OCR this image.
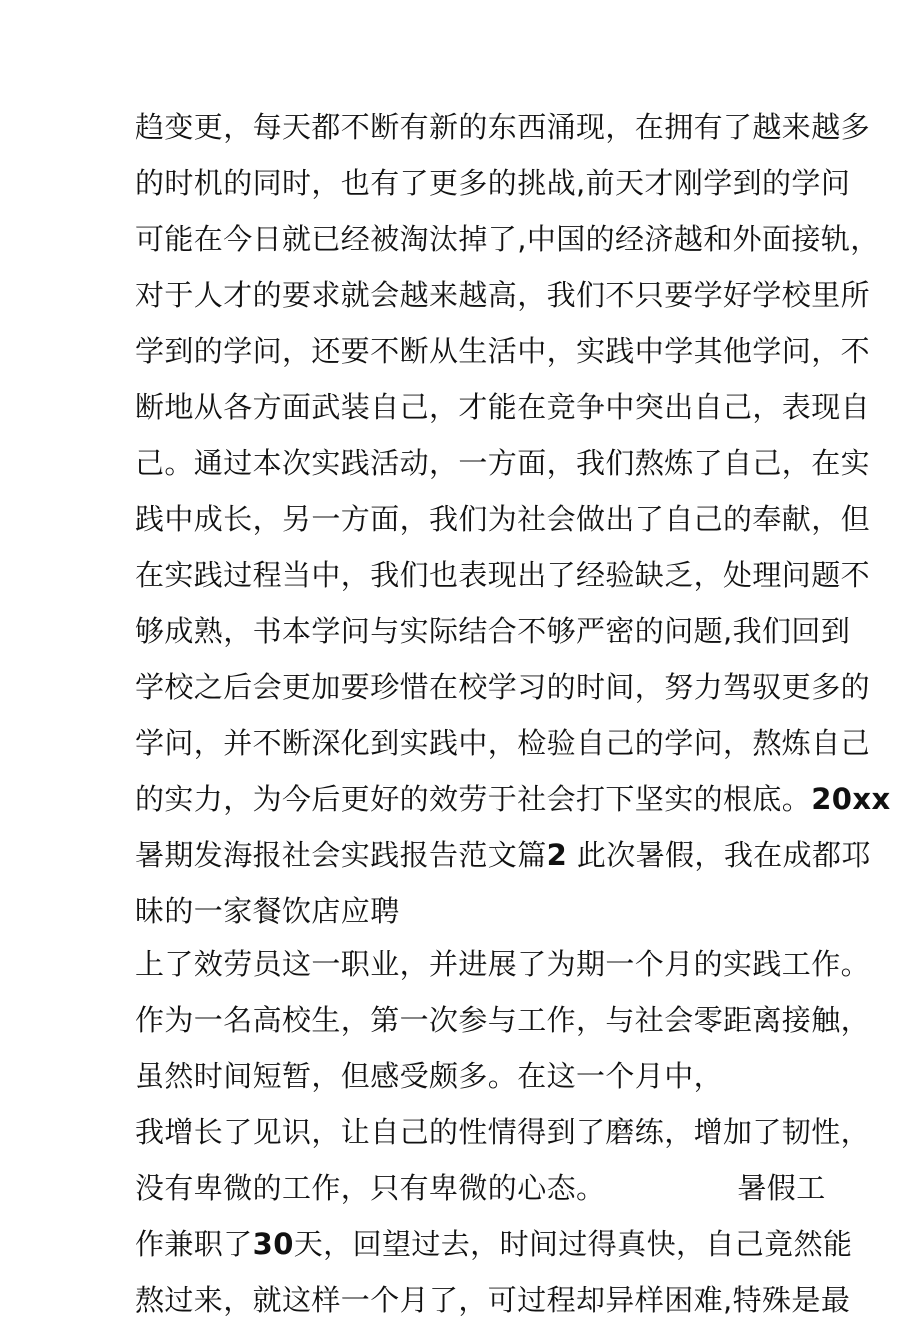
趋变更，每天都不断有新的东西涌现，在拥有了越来越多
的时机的同时，也有了更多的挑战,前天才刚学到的学问
可能在今日就已经被淘汰掉了,中国的经济越和外面接轨，
对于人才的要求就会越来越高，我们不只要学好学校里所
学到的学问，还要不断从生活中，实践中学其他学问，不
断地从各方面武装自己，才能在竞争中突出自己，表现自
己。通过本次实践活动，一方面，我们熬炼了自己，在实
践中成长，另一方面，我们为社会做出了自己的奉献，但
在实践过程当中，我们也表现出了经验缺乏，处理问题不
够成熟，书本学问与实际结合不够严密的问题,我们回到
学校之后会更加要珍惜在校学习的时间，努力驾驭更多的
学问，并不断深化到实践中，检验自己的学问，熬炼自己
的实力，为今后更好的效劳于社会打下坚实的根底。20xx
暑期发海报社会实践报告范文篇2 此次暑假，我在成都邛
昧的一家餐饮店应聘
上了效劳员这一职业，并进展了为期一个月的实践工作。
作为一名高校生，第一次参与工作，与社会零距离接触，
虽然时间短暂，但感受颇多。在这一个月中，
我增长了见识，让自己的性情得到了磨练，增加了韧性，
没有卑微的工作，只有卑微的心态。	暑假工
作兼职了30天，回望过去，时间过得真快，自己竟然能
熬过来，就这样一个月了，可过程却异样困难,特殊是最
